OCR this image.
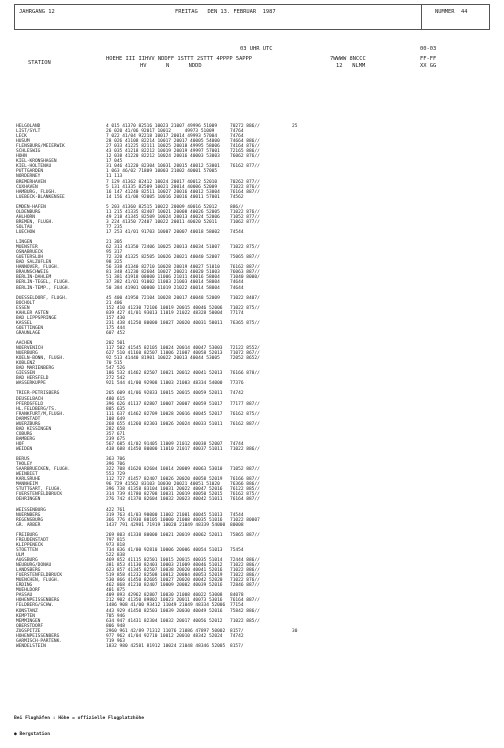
JAHRGANG 12	FREITAG   DEN 13. FEBRUAR  1987	NUMMER  44
03 UHR UTC	00-03
STATION
HOEHE III IIHVV NDDFF 1STTT 2STTT 4PPPP 5APPP
HV      N      NDDD
7WWWW 8NCCC
12   NLMM
FF-FF
XX GG
HELGOLAND	4 015 41370 82516 10023 21007 49996 51009	70272 886//	25
LIST/SYLT	26 020 41/06 92017 10012     49973 51009	74764
LECK	7 022 41/04 92218 10017 20014 49993 57004	74764
HUSUM	28 026 41108 82214 10017 20017 40005 54000 74664 886//
FLENSBURG/MEIERWIK	27 033 41225 82111 10025 20018 49995 58006 74164 876//
SCHLESWIG	43 035 41218 82212 10019 20019 49997 57001 72165 886//
HOHN	12 038 41220 82212 10024 20016 40003 53003 76062 876//
KIEL-KRONSHAGEN	17 045
KIEL-HOLTENAU	31 046 41220 82304 10031 20015 40012 53001 76162 877//
PUTTGARDEN	1 063 46/02 71809 10003 21002 40001 57005
NORDERNEY	11 113
BREMERHAVEN	7 129 41362 82412 10024 20017 40012 52010	70262 877//
CUXHAVEN	5 131 41335 82509 10021 20014 40006 52009	71022 876//
HAMBURG, FLUGH.	16 147 41240 82511 10027 20016 40012 53004 76164 887//
LUEBECK-BLANKENSEE	14 156 41/08 92005 10016 20016 40011 57001 74562
EMDEN-HAFEN	5 203 41360 82515 10022 20009 40016 52012	886//
OLDENBURG	11 215 41335 82407 10021 20008 40026 52005 71022 876//
AHLHORN	49 218 41345 82509 10024 20013 40024 52006 71052 877//
BREMEN, FLUGH.	3 224 41350 72407 10022 20011 40020 52011	71062 877//
SOLTAU	77 235
LUECHOW	17 253 41/01 91703 10007 20007 40018 58002 74544
LINGEN	21 305
MUENSTER	62 313 41350 72406 10025 20013 40034 51007 71022 875//
OSNABRUECK	95 317
GUETERSLOH	72 320 41325 82505 10026 20021 40040 52007 75065 887//
BAD SALZUFLEN	98 325
HANNOVER, FLUGH.	56 338 41340 82710 10028 20019 40027 51010 76162 887//
BRAUNSCHWEIG	81 348 41230 82604 10027 20021 40020 51003 76063 887//
BERLIN-DAHLEM	51 381 41918 00000 11006 21011 40016 58004 71040 8000/
BERLIN-TEGEL, FLUGH.	37 382 41/01 91002 11003 21003 40014 58004 74644
BERLIN-TEMP., FLUGH.	50 384 41901 00000 11019 21022 40014 58004 74644
DUESSELDORF, FLUGH.	45 400 41950 72104 10028 20017 40048 52009 71022 8407/
BOCHOLT	21 406
ESSEN	152 410 41230 72106 10019 20015 40046 52006 71022 875//
KAHLER ASTEN	839 427 41/01 93013 11019 21022 48328 50004 77174
BAD LIPPSPRINGE	157 430
KASSEL	231 438 41250 80000 10027 20020 40031 50011 76365 875//
GOETTINGEN	175 444
GRAUNLAGE	607 452
AACHEN	202 501
NOERVENICH	117 502 41545 82105 10024 20014 40047 53003 72122 8552/
NUERBURG	627 510 41160 82507 11006 21007 40058 52013 71072 867//
KOELN-BONN, FLUGH.	92 513 41440 81901 10022 20013 40044 53005 72052 8652/
KOBLENZ	70 515
BAD MARIENBERG	547 526
GIESSEN	186 532 41462 82507 10021 20012 40041 52013 76166 878//
BAD HERSFELD	272 542
WASSERKUPPE	921 544 41/00 92908 11003 21003 48334 54000 77376
TRIER-PETRISBERG	265 609 41/06 92833 10015 20015 40059 52011 74742
DEUSELBACH	480 615
PFERDSFELD	396 626 41137 82807 10007 20007 40059 51017 77177 887//
HL.FELDBERG/TS.	805 635
FRANKFURT/M,FLUGH.	111 637 41462 82709 10028 20016 40045 52017 76162 875//
DARMSTADT	108 649
WUERZBURG	268 655 41260 82303 10026 20024 40033 51011 76162 887//
BAD KISSINGEN	282 658
COBURG	357 671
BAMBERG	239 675
HOF	567 685 41/02 91405 11009 21012 40038 52007 74744
WEIDEN	438 688 41450 80000 11010 21017 40037 51011 71022 886//
BERUS	363 706
THOLEY	396 706
SAARBRUECKEN, FLUGH.	322 708 41620 82604 10014 20009 40063 53010 71052 887//
WEINBIET	553 729
KARLSRUHE	112 727 41457 82407 10026 20020 40058 52019 76166 887//
MANNHEIM	96 729 41562 83103 10030 20021 40051 51020 76366 886//
STUTTGART, FLUGH.	396 738 41358 83104 10031 20022 40047 52016 76122 885//
FUERSTENFELDBRUCK	314 739 41780 82708 10031 20019 40050 52015 76162 875//
OEHRINGEN	276 742 41370 82604 10032 20023 40042 51011 76164 887//
WEISSENBURG	422 761
NUERNBERG	319 763 41/03 90000 11002 21001 40045 51013 74544
REGENSBURG	366 776 41930 80105 10000 21008 40035 51016 71022 80007
GR. ARBER	1437 791 42981 71919 10028 21049 48339 54000 80008
FREIBURG	269 803 41338 80000 10021 20019 40062 52011 75865 887//
FREUDENSTADT	797 815
KLIPPENECK	973 818
STOETTEN	734 836 41/00 92810 10006 20006 40054 51013 75454
ULM	522 838
AUGSBURG	469 852 41115 82501 10015 20015 40035 51014 72444 886//
NEUBURG/DONAU	381 853 41130 82403 10003 21009 40046 51012 71022 886//
LANDSBERG	623 857 41345 82507 10038 20020 40041 52016 71022 886//
FUERSTENFELDBRUCK	519 858 41232 82508 10012 20004 40053 52019 71022 886//
MUENCHEN, FLUGH.	530 866 41450 82605 10027 20020 40042 52020 71022 876//
ERDING	462 868 41210 82407 10009 20002 40039 52016 72846 887//
MUEHLDORF	401 875
PASSAU	409 893 42962 82807 10030 21008 40022 53008 84078
HOHENPEISSENBERG	212 902 41350 89802 10023 20011 40073 53016 76164 887//
FELDBERG/SCHW.	1486 908 41/00 93412 11049 21049 48334 52006 77154
KONSTANZ	443 929 41450 82503 10039 20030 40049 52016 75842 886//
KEMPTEN	705 946
MEMMINGEN	634 947 41431 82304 10032 20017 40056 52012 71022 885//
OBERSTDORF	806 948
ZUGSPITZE	2960 961 42/89 71312 11076 21086 47897 50002 8157/	30
HOHENPEISSENBERG	977 962 41/04 92710 10012 20010 48342 52024 74742
GARMISCH-PARTENK.	719 963
WENDELSTEIN	1832 980 42581 81912 10024 21048 48346 52005 8157/

Bei Flughäfen : Höhe = offizielle Flugplatzhöhe

● Bergstation
